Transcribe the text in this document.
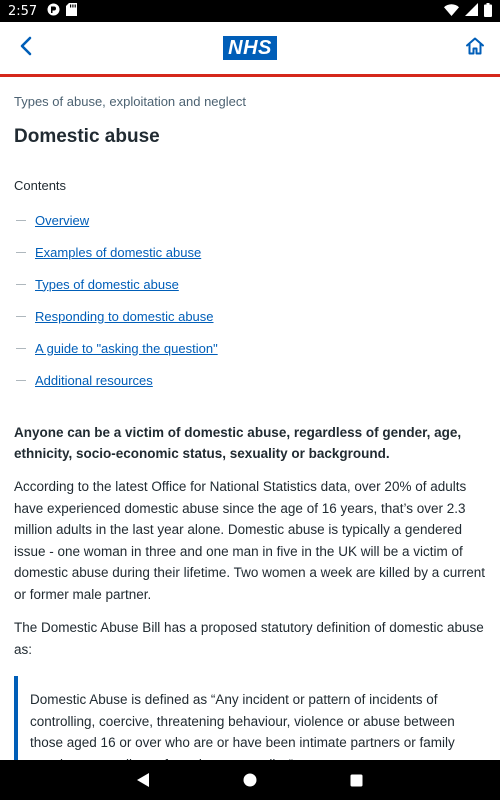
2:57
NHS
Types of abuse, exploitation and neglect
Domestic abuse
Contents
Overview
Examples of domestic abuse
Types of domestic abuse
Responding to domestic abuse
A guide to "asking the question"
Additional resources

Anyone can be a victim of domestic abuse, regardless of gender, age, ethnicity, socio-economic status, sexuality or background.

According to the latest Office for National Statistics data, over 20% of adults have experienced domestic abuse since the age of 16 years, that’s over 2.3 million adults in the last year alone. Domestic abuse is typically a gendered issue - one woman in three and one man in five in the UK will be a victim of domestic abuse during their lifetime. Two women a week are killed by a current or former male partner.

The Domestic Abuse Bill has a proposed statutory definition of domestic abuse as:

Domestic Abuse is defined as “Any incident or pattern of incidents of controlling, coercive, threatening behaviour, violence or abuse between those aged 16 or over who are or have been intimate partners or family
